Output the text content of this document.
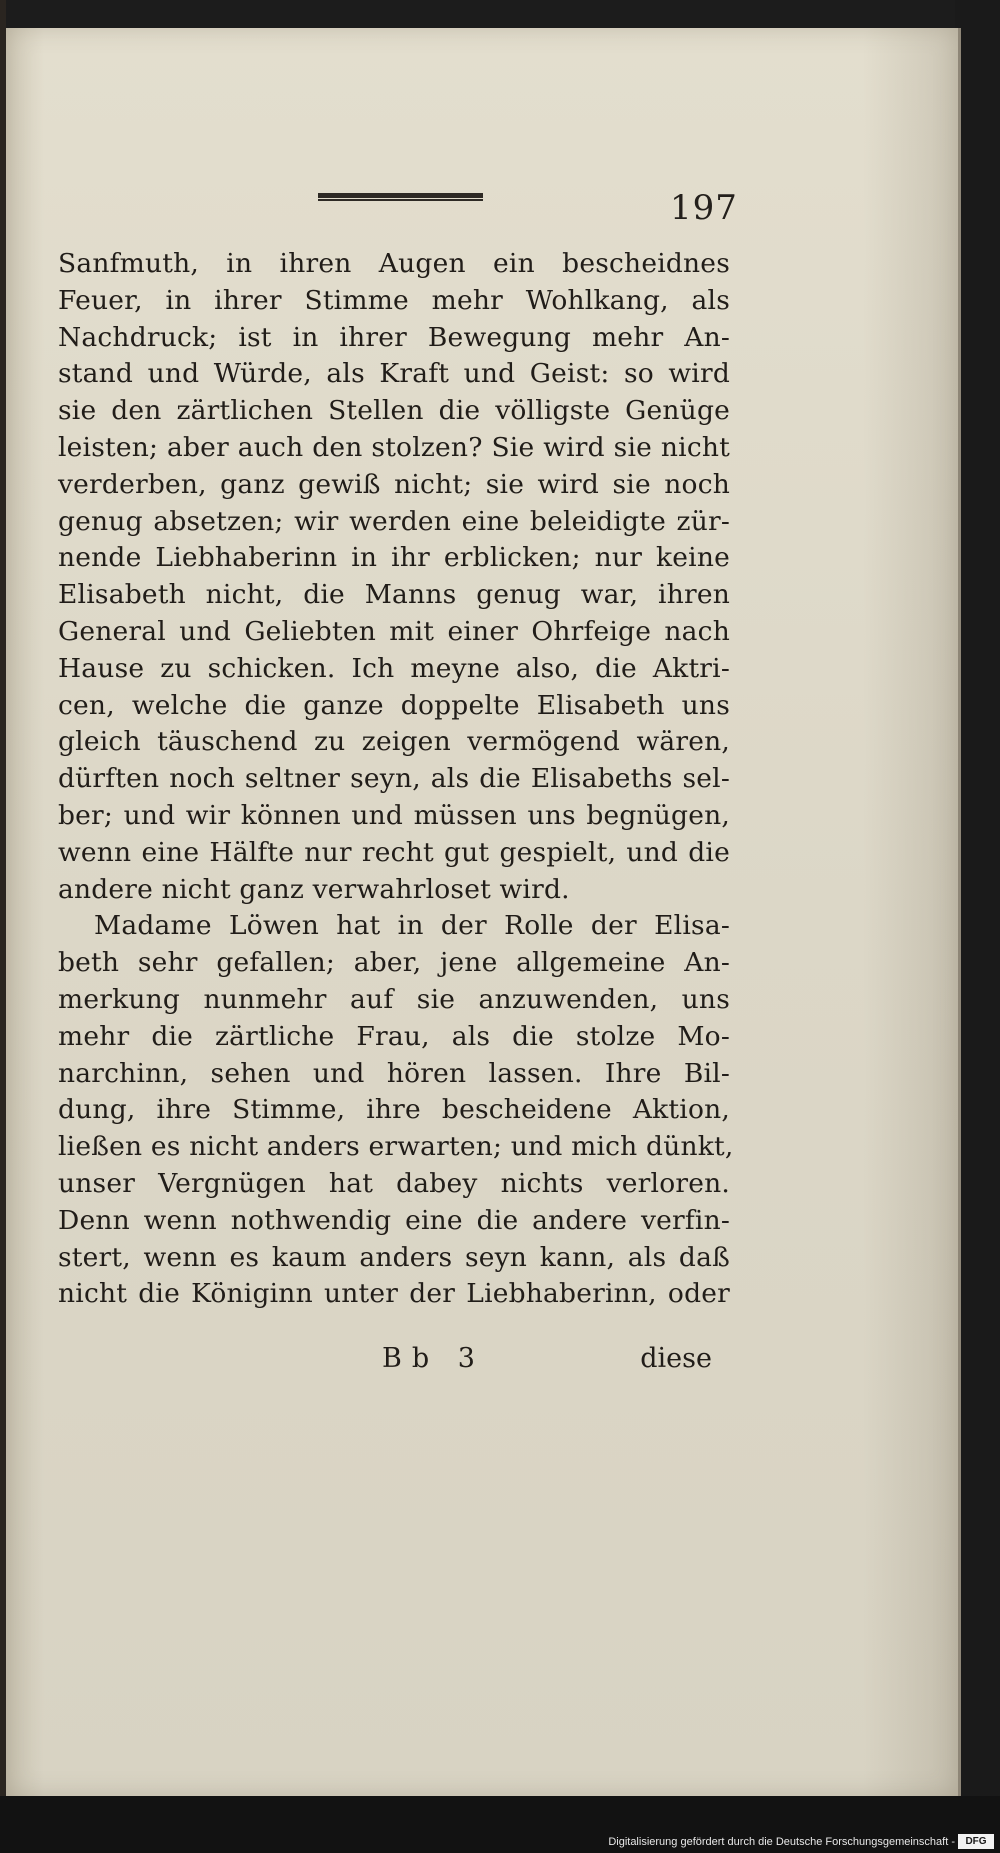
197
Sanfmuth, in ihren Augen ein bescheidnes
Feuer, in ihrer Stimme mehr Wohlkang, als
Nachdruck; ist in ihrer Bewegung mehr An-
stand und Würde, als Kraft und Geist: so wird
sie den zärtlichen Stellen die völligste Genüge
leisten; aber auch den stolzen? Sie wird sie nicht
verderben, ganz gewiß nicht; sie wird sie noch
genug absetzen; wir werden eine beleidigte zür-
nende Liebhaberinn in ihr erblicken; nur keine
Elisabeth nicht, die Manns genug war, ihren
General und Geliebten mit einer Ohrfeige nach
Hause zu schicken. Ich meyne also, die Aktri-
cen, welche die ganze doppelte Elisabeth uns
gleich täuschend zu zeigen vermögend wären,
dürften noch seltner seyn, als die Elisabeths sel-
ber; und wir können und müssen uns begnügen,
wenn eine Hälfte nur recht gut gespielt, und die
andere nicht ganz verwahrloset wird.
Madame Löwen hat in der Rolle der Elisa-
beth sehr gefallen; aber, jene allgemeine An-
merkung nunmehr auf sie anzuwenden, uns
mehr die zärtliche Frau, als die stolze Mo-
narchinn, sehen und hören lassen. Ihre Bil-
dung, ihre Stimme, ihre bescheidene Aktion,
ließen es nicht anders erwarten; und mich dünkt,
unser Vergnügen hat dabey nichts verloren.
Denn wenn nothwendig eine die andere verfin-
stert, wenn es kaum anders seyn kann, als daß
nicht die Königinn unter der Liebhaberinn, oder
Bb 3	diese
Digitalisierung gefördert durch die Deutsche Forschungsgemeinschaft -	DFG
